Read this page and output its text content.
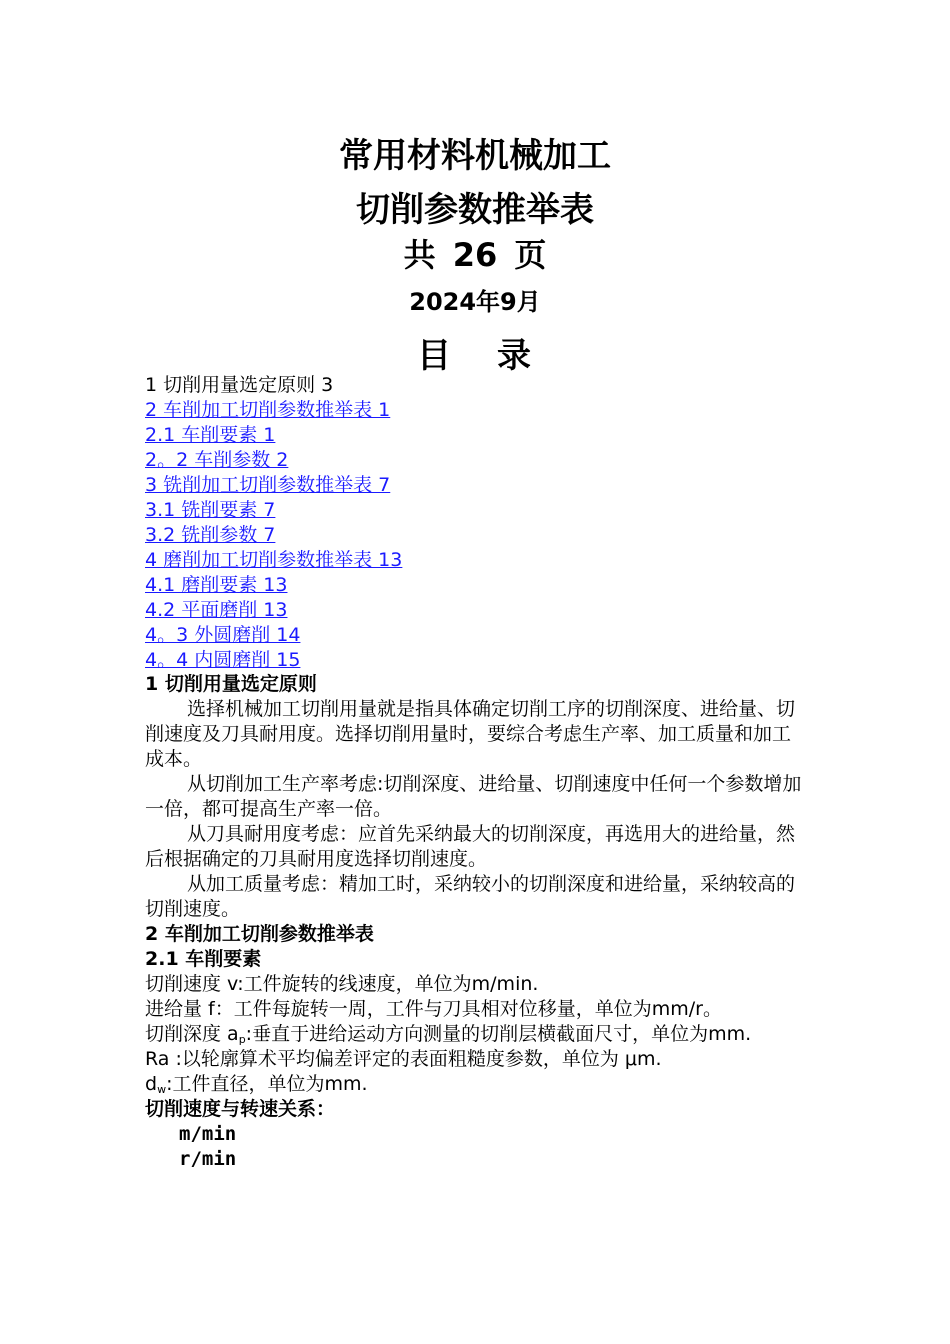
常用材料机械加工
切削参数推举表
共 26 页
2024年9月
目 录
1 切削用量选定原则 3
2 车削加工切削参数推举表 1
2.1 车削要素 1
2。2 车削参数 2
3 铣削加工切削参数推举表 7
3.1 铣削要素 7
3.2 铣削参数 7
4 磨削加工切削参数推举表 13
4.1 磨削要素 13
4.2 平面磨削 13
4。3 外圆磨削 14
4。4 内圆磨削 15

1 切削用量选定原则

选择机械加工切削用量就是指具体确定切削工序的切削深度、进给量、切削速度及刀具耐用度。选择切削用量时，要综合考虑生产率、加工质量和加工成本。

从切削加工生产率考虑:切削深度、进给量、切削速度中任何一个参数增加一倍，都可提高生产率一倍。

从刀具耐用度考虑：应首先采纳最大的切削深度，再选用大的进给量，然后根据确定的刀具耐用度选择切削速度。

从加工质量考虑：精加工时，采纳较小的切削深度和进给量，采纳较高的切削速度。

2 车削加工切削参数推举表

2.1 车削要素

切削速度 v:工件旋转的线速度，单位为m/min.

进给量 f：工件每旋转一周，工件与刀具相对位移量，单位为mm/r。

切削深度 $a_p$:垂直于进给运动方向测量的切削层横截面尺寸，单位为mm.

Ra :以轮廓算术平均偏差评定的表面粗糙度参数，单位为 μm.

$d_w$:工件直径，单位为mm.

切削速度与转速关系：

m/min

r/min
